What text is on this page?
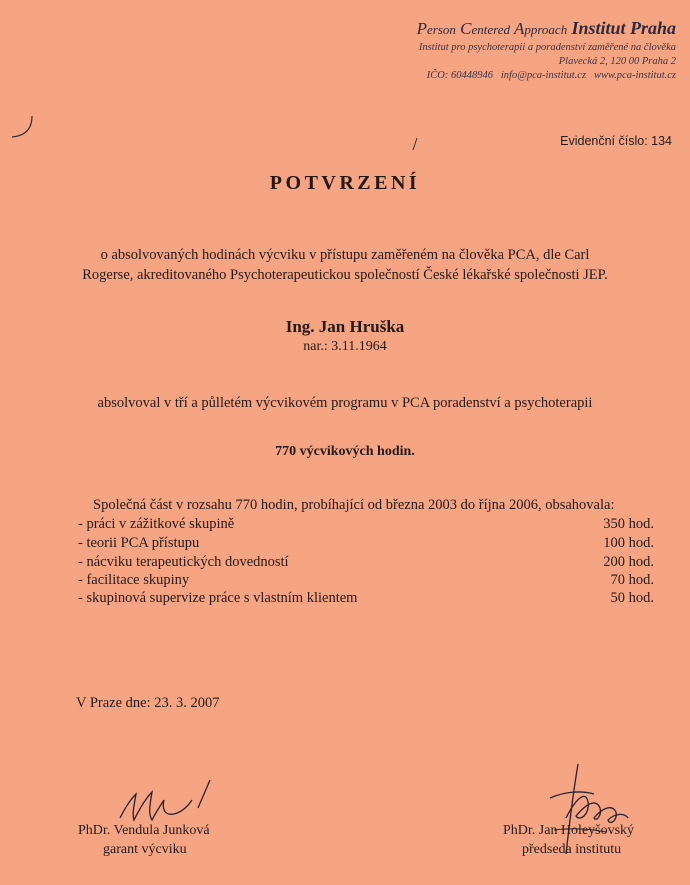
Person Centered Approach Institut Praha
Institut pro psychoterapii a poradenství zaměřené na člověka
Plavecká 2, 120 00 Praha 2
IČO: 60448946 info@pca-institut.cz www.pca-institut.cz
Evidenční číslo: 134
POTVRZENÍ
o absolvovaných hodinách výcviku v přístupu zaměřeném na člověka PCA, dle Carl
Rogerse, akreditovaného Psychoterapeutickou společností České lékařské společnosti JEP.
Ing. Jan Hruška
nar.: 3.11.1964
absolvoval v tří a půlletém výcvikovém programu v PCA poradenství a psychoterapii
770 výcvikových hodin.
Společná část v rozsahu 770 hodin, probíhající od března 2003 do října 2006, obsahovala:
- práci v zážitkové skupině	350 hod.
- teorii PCA přístupu	100 hod.
- nácviku terapeutických dovedností	200 hod.
- facilitace skupiny	70 hod.
- skupinová supervize práce s vlastním klientem	50 hod.
V Praze dne: 23. 3. 2007
PhDr. Vendula Junková
garant výcviku
PhDr. Jan Holeyšovský
předseda institutu
